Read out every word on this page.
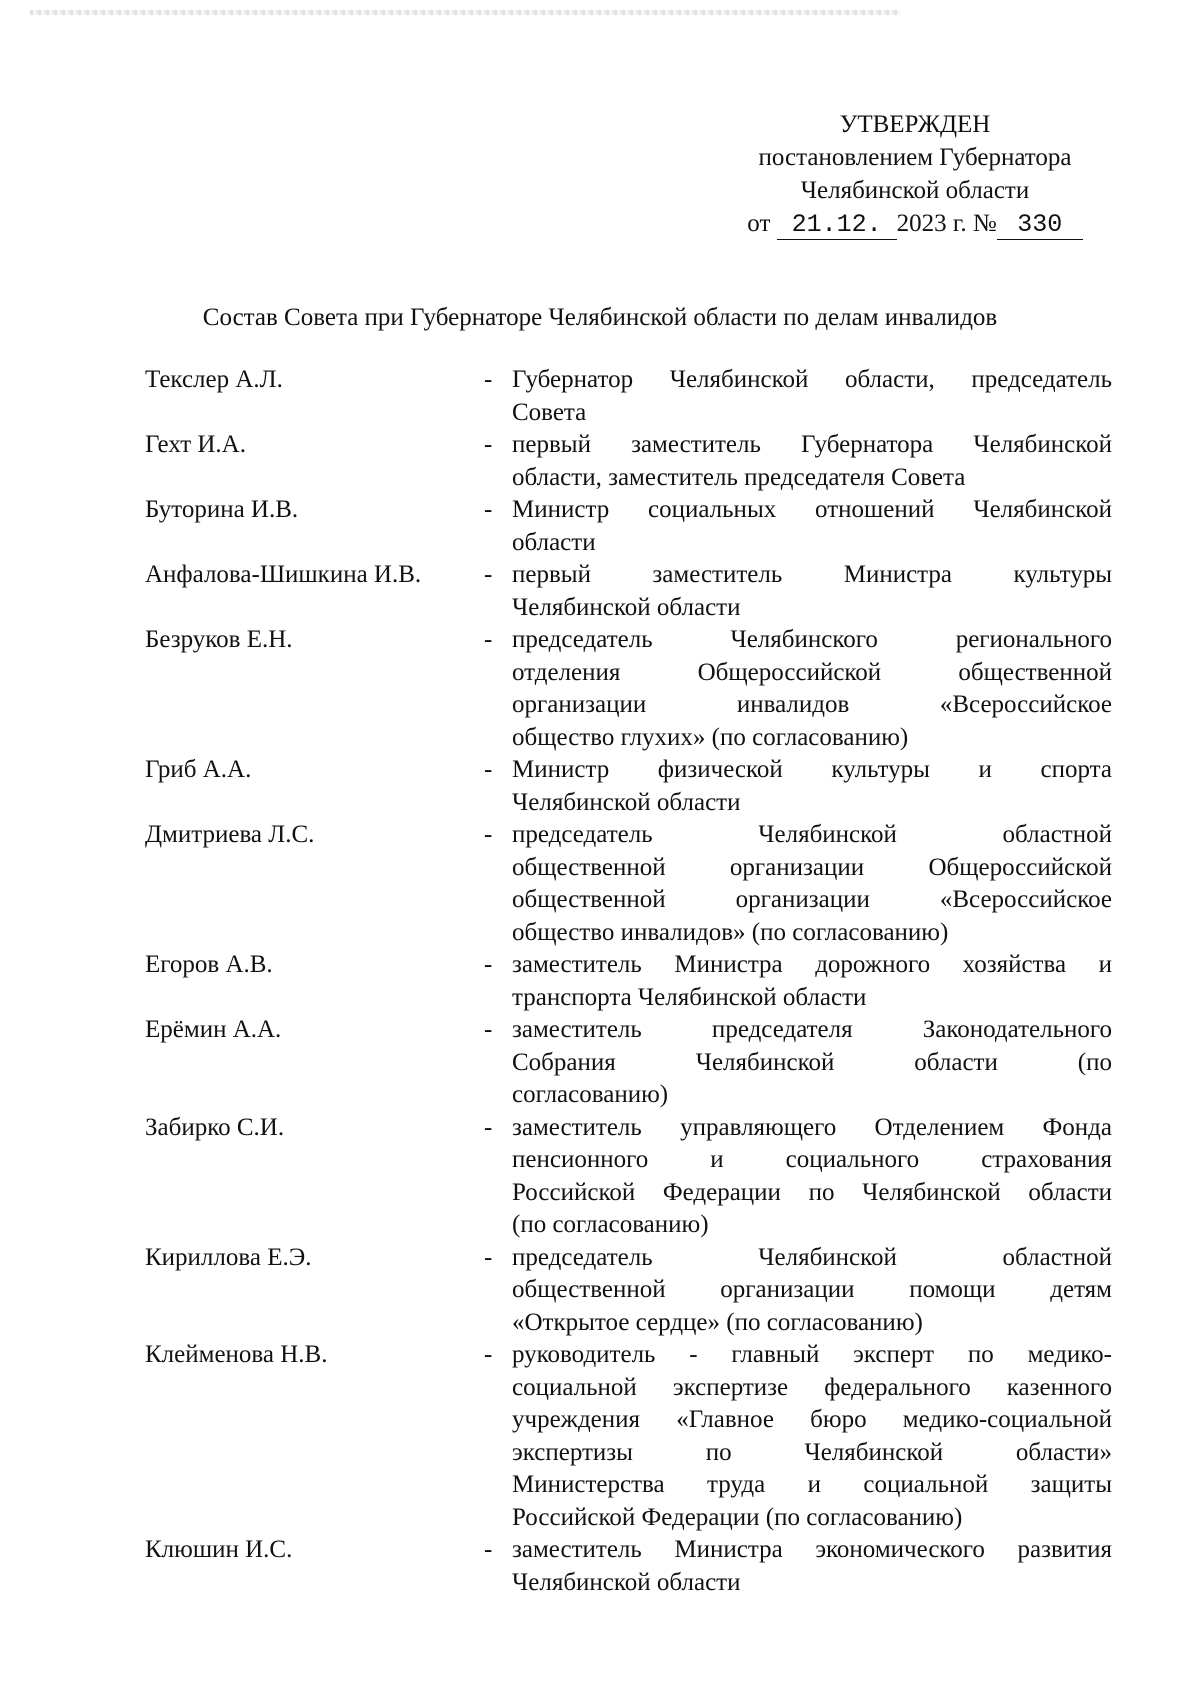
УТВЕРЖДЕН
постановлением Губернатора
Челябинской области
от 21.12. 2023 г. № 330
Состав Совета при Губернаторе Челябинской области по делам инвалидов
Текслер А.Л.	- Губернатор Челябинской области, председатель
Совета
Гехт И.А.	- первый заместитель Губернатора Челябинской
области, заместитель председателя Совета
Буторина И.В.	- Министр социальных отношений Челябинской
области
Анфалова-Шишкина И.В.	- первый заместитель Министра культуры
Челябинской области
Безруков Е.Н.	- председатель Челябинского регионального
отделения Общероссийской общественной
организации инвалидов «Всероссийское
общество глухих» (по согласованию)
Гриб А.А.	- Министр физической культуры и спорта
Челябинской области
Дмитриева Л.С.	- председатель Челябинской областной
общественной организации Общероссийской
общественной организации «Всероссийское
общество инвалидов» (по согласованию)
Егоров А.В.	- заместитель Министра дорожного хозяйства и
транспорта Челябинской области
Ерёмин А.А.	- заместитель председателя Законодательного
Собрания Челябинской области (по
согласованию)
Забирко С.И.	- заместитель управляющего Отделением Фонда
пенсионного и социального страхования
Российской Федерации по Челябинской области
(по согласованию)
Кириллова Е.Э.	- председатель Челябинской областной
общественной организации помощи детям
«Открытое сердце» (по согласованию)
Клейменова Н.В.	- руководитель - главный эксперт по медико-
социальной экспертизе федерального казенного
учреждения «Главное бюро медико-социальной
экспертизы по Челябинской области»
Министерства труда и социальной защиты
Российской Федерации (по согласованию)
Клюшин И.С.	- заместитель Министра экономического развития
Челябинской области
